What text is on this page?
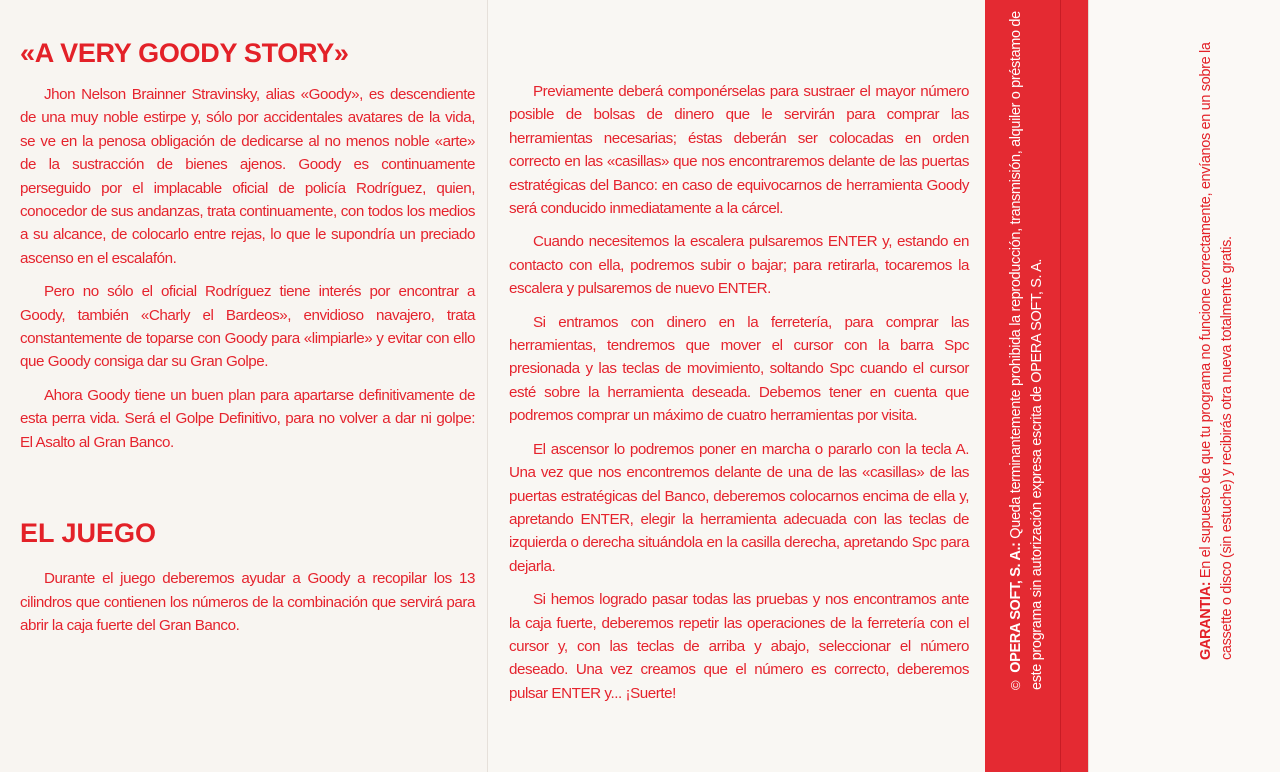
«A VERY GOODY STORY»

Jhon Nelson Brainner Stravinsky, alias «Goody», es descendiente de una muy noble estirpe y, sólo por accidentales avatares de la vida, se ve en la penosa obligación de dedicarse al no menos noble «arte» de la sustracción de bienes ajenos. Goody es continuamente perseguido por el implacable oficial de policía Rodríguez, quien, conocedor de sus andanzas, trata continuamente, con todos los medios a su alcance, de colocarlo entre rejas, lo que le supondría un preciado ascenso en el escalafón.

Pero no sólo el oficial Rodríguez tiene interés por encontrar a Goody, también «Charly el Bardeos», envidioso navajero, trata constantemente de toparse con Goody para «limpiarle» y evitar con ello que Goody consiga dar su Gran Golpe.

Ahora Goody tiene un buen plan para apartarse definitivamente de esta perra vida. Será el Golpe Definitivo, para no volver a dar ni golpe: El Asalto al Gran Banco.

EL JUEGO

Durante el juego deberemos ayudar a Goody a recopilar los 13 cilindros que contienen los números de la combinación que servirá para abrir la caja fuerte del Gran Banco.

Previamente deberá componérselas para sustraer el mayor número posible de bolsas de dinero que le servirán para comprar las herramientas necesarias; éstas deberán ser colocadas en orden correcto en las «casillas» que nos encontraremos delante de las puertas estratégicas del Banco: en caso de equivocarnos de herramienta Goody será conducido inmediatamente a la cárcel.

Cuando necesitemos la escalera pulsaremos ENTER y, estando en contacto con ella, podremos subir o bajar; para retirarla, tocaremos la escalera y pulsaremos de nuevo ENTER.

Si entramos con dinero en la ferretería, para comprar las herramientas, tendremos que mover el cursor con la barra Spc presionada y las teclas de movimiento, soltando Spc cuando el cursor esté sobre la herramienta deseada. Debemos tener en cuenta que podremos comprar un máximo de cuatro herramientas por visita.

El ascensor lo podremos poner en marcha o pararlo con la tecla A. Una vez que nos encontremos delante de una de las «casillas» de las puertas estratégicas del Banco, deberemos colocarnos encima de ella y, apretando ENTER, elegir la herramienta adecuada con las teclas de izquierda o derecha situándola en la casilla derecha, apretando Spc para dejarla.

Si hemos logrado pasar todas las pruebas y nos encontramos ante la caja fuerte, deberemos repetir las operaciones de la ferretería con el cursor y, con las teclas de arriba y abajo, seleccionar el número deseado. Una vez creamos que el número es correcto, deberemos pulsar ENTER y... ¡Suerte!	©OPERA SOFT, S. A.: Queda terminantemente prohibida la reproducción, transmisión, alquiler o préstamo de este programa sin autorización expresa escrita de OPERA SOFT, S. A.	GARANTIA: En el supuesto de que tu programa no funcione correctamente, envíanos en un sobre la cassette o disco (sin estuche) y recibirás otra nueva totalmente gratis.
